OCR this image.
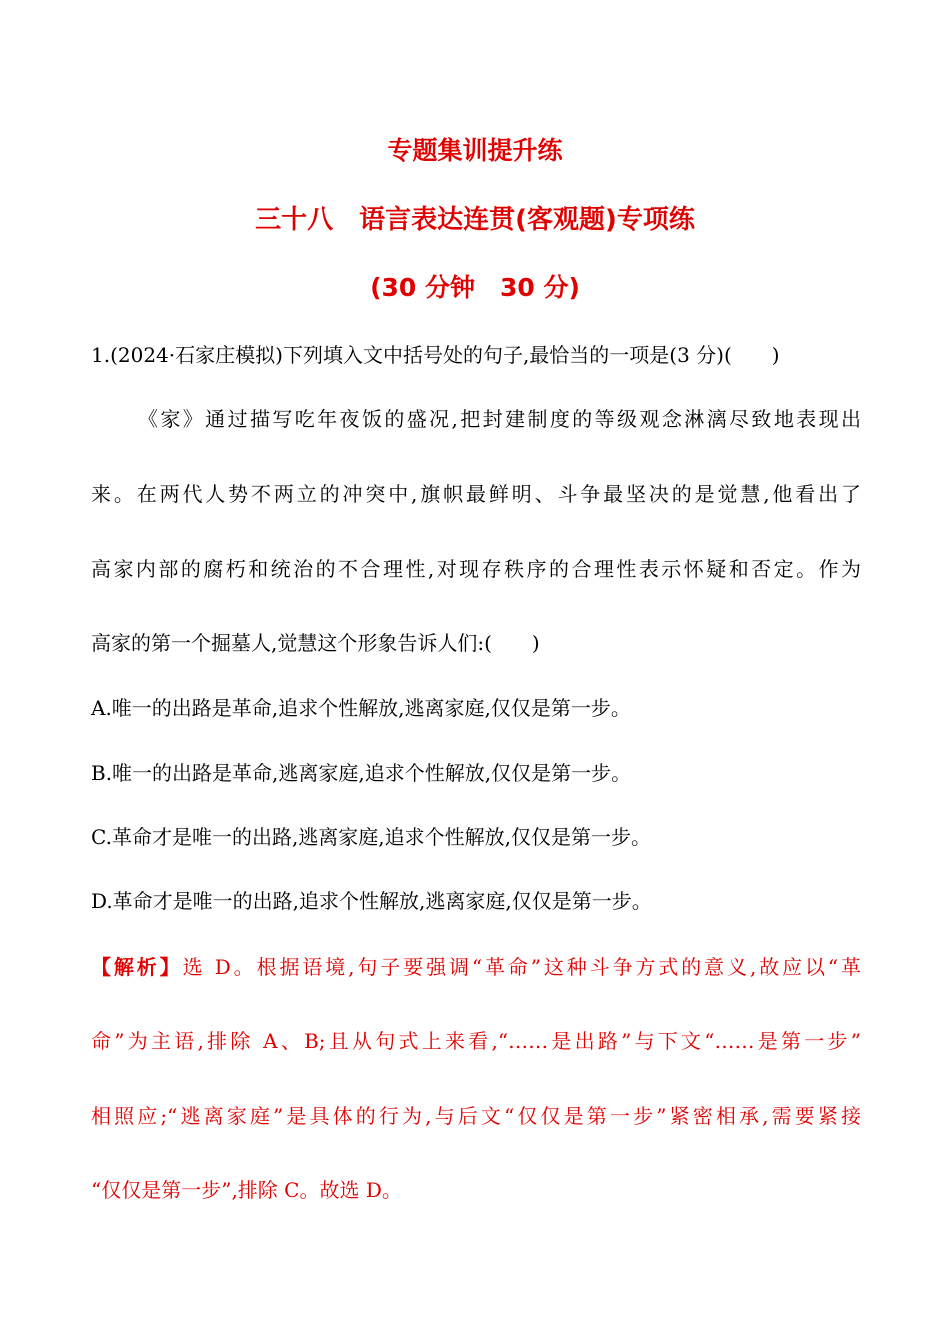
专题集训提升练
三十八　语言表达连贯(客观题)专项练
(30 分钟　30 分)
1.(2024·石家庄模拟)下列填入文中括号处的句子,最恰当的一项是(3 分)(　　)
《家》通过描写吃年夜饭的盛况,把封建制度的等级观念淋漓尽致地表现出
来。在两代人势不两立的冲突中,旗帜最鲜明、斗争最坚决的是觉慧,他看出了
高家内部的腐朽和统治的不合理性,对现存秩序的合理性表示怀疑和否定。作为
高家的第一个掘墓人,觉慧这个形象告诉人们:(　　)
A.唯一的出路是革命,追求个性解放,逃离家庭,仅仅是第一步。
B.唯一的出路是革命,逃离家庭,追求个性解放,仅仅是第一步。
C.革命才是唯一的出路,逃离家庭,追求个性解放,仅仅是第一步。
D.革命才是唯一的出路,追求个性解放,逃离家庭,仅仅是第一步。
【解析】选 D。根据语境,句子要强调“革命”这种斗争方式的意义,故应以“革
命”为主语,排除 A、B;且从句式上来看,“……是出路”与下文“……是第一步”
相照应;“逃离家庭”是具体的行为,与后文“仅仅是第一步”紧密相承,需要紧接
“仅仅是第一步”,排除 C。故选 D。
